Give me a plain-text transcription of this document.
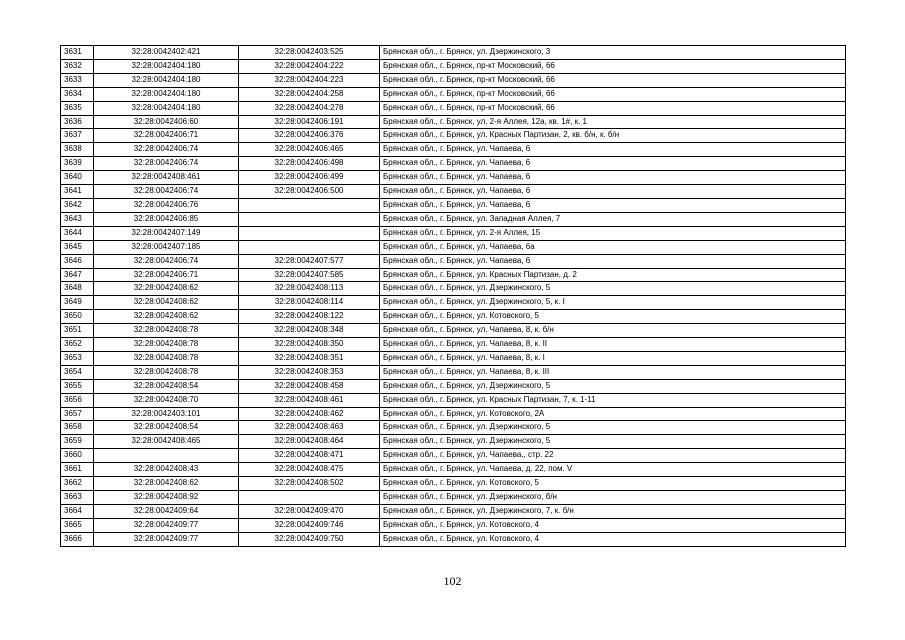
3631	32:28:0042402:421	32:28:0042403:525	Брянская обл., г. Брянск, ул. Дзержинского, 3
3632	32:28:0042404:180	32:28:0042404:222	Брянская обл., г. Брянск, пр-кт Московский, 66
3633	32:28:0042404:180	32:28:0042404:223	Брянская обл., г. Брянск, пр-кт Московский, 66
3634	32:28:0042404:180	32:28:0042404:258	Брянская обл., г. Брянск, пр-кт Московский, 66
3635	32:28:0042404:180	32:28:0042404:278	Брянская обл., г. Брянск, пр-кт Московский, 66
3636	32:28:0042406:60	32:28:0042406:191	Брянская обл., г. Брянск, ул. 2-я Аллея, 12а, кв. 1#, к. 1
3637	32:28:0042406:71	32:28:0042406:376	Брянская обл., г. Брянск, ул. Красных Партизан, 2, кв. б/н, к. б/н
3638	32:28:0042406:74	32:28:0042406:465	Брянская обл., г. Брянск, ул. Чапаева, 6
3639	32:28:0042406:74	32:28:0042406:498	Брянская обл., г. Брянск, ул. Чапаева, 6
3640	32:28:0042408:461	32:28:0042406:499	Брянская обл., г. Брянск, ул. Чапаева, 6
3641	32:28:0042406:74	32:28:0042406:500	Брянская обл., г. Брянск, ул. Чапаева, 6
3642	32:28:0042406:76		Брянская обл., г. Брянск, ул. Чапаева, 6
3643	32:28:0042406:85		Брянская обл., г. Брянск, ул. Западная Аллея, 7
3644	32:28:0042407:149		Брянская обл., г. Брянск, ул. 2-я Аллея, 15
3645	32:28:0042407:185		Брянская обл., г. Брянск, ул. Чапаева, 6а
3646	32:28:0042406:74	32:28:0042407:577	Брянская обл., г. Брянск, ул. Чапаева, 6
3647	32:28:0042406:71	32:28:0042407:585	Брянская обл., г. Брянск, ул. Красных Партизан, д. 2
3648	32:28:0042408:62	32:28:0042408:113	Брянская обл., г. Брянск, ул. Дзержинского, 5
3649	32:28:0042408:62	32:28:0042408:114	Брянская обл., г. Брянск, ул. Дзержинского, 5, к. I
3650	32:28:0042408:62	32:28:0042408:122	Брянская обл., г. Брянск, ул. Котовского, 5
3651	32:28:0042408:78	32:28:0042408:348	Брянская обл., г. Брянск, ул. Чапаева, 8, к. б/н
3652	32:28:0042408:78	32:28:0042408:350	Брянская обл., г. Брянск, ул. Чапаева, 8, к. II
3653	32:28:0042408:78	32:28:0042408:351	Брянская обл., г. Брянск, ул. Чапаева, 8, к. I
3654	32:28:0042408:78	32:28:0042408:353	Брянская обл., г. Брянск, ул. Чапаева, 8, к. III
3655	32:28:0042408:54	32:28:0042408:458	Брянская обл., г. Брянск, ул. Дзержинского, 5
3656	32:28:0042408:70	32:28:0042408:461	Брянская обл., г. Брянск, ул. Красных Партизан, 7, к. 1-11
3657	32:28:0042403:101	32:28:0042408:462	Брянская обл., г. Брянск, ул. Котовского, 2А
3658	32:28:0042408:54	32:28:0042408:463	Брянская обл., г. Брянск, ул. Дзержинского, 5
3659	32:28:0042408:465	32:28:0042408:464	Брянская обл., г. Брянск, ул. Дзержинского, 5
3660		32:28:0042408:471	Брянская обл., г. Брянск, ул. Чапаева,, стр. 22
3661	32:28:0042408:43	32:28:0042408:475	Брянская обл., г. Брянск, ул. Чапаева, д. 22, пом. V
3662	32:28:0042408:62	32:28:0042408:502	Брянская обл., г. Брянск, ул. Котовского, 5
3663	32:28:0042408:92		Брянская обл., г. Брянск, ул. Дзержинского, б/н
3664	32:28:0042409:64	32:28:0042409:470	Брянская обл., г. Брянск, ул. Дзержинского, 7, к. б/н
3665	32:28:0042409:77	32:28:0042409:746	Брянская обл., г. Брянск, ул. Котовского, 4
3666	32:28:0042409:77	32:28:0042409:750	Брянская обл., г. Брянск, ул. Котовского, 4
102
